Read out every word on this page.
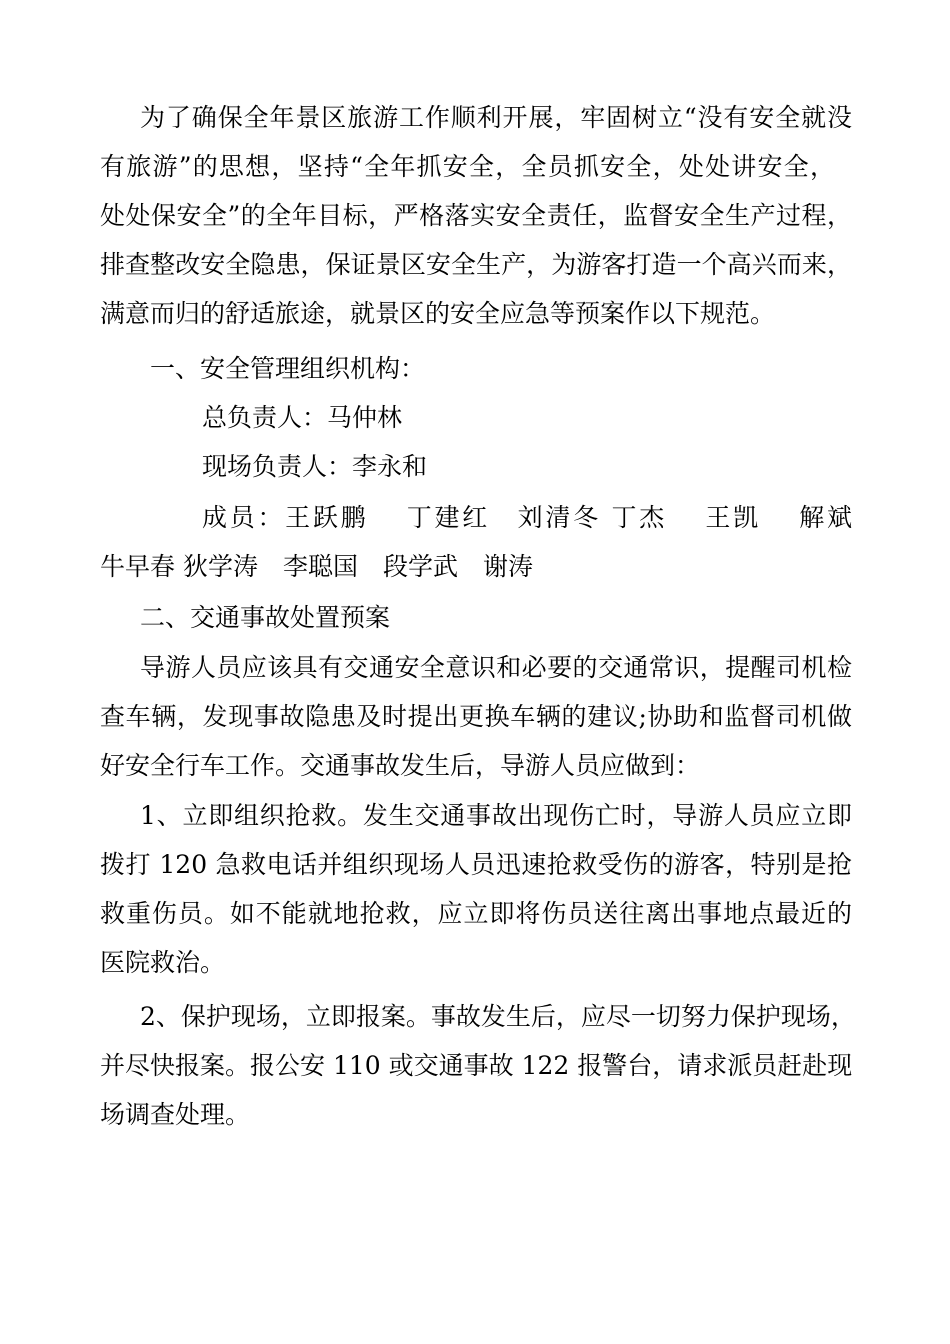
为了确保全年景区旅游工作顺利开展，牢固树立“没有安全就没
有旅游”的思想，坚持“全年抓安全，全员抓安全，处处讲安全，
处处保安全”的全年目标，严格落实安全责任，监督安全生产过程，
排查整改安全隐患，保证景区安全生产，为游客打造一个高兴而来，
满意而归的舒适旅途，就景区的安全应急等预案作以下规范。
一、安全管理组织机构：
总负责人：马仲林
现场负责人：李永和
成员：王跃鹏　 丁建红　刘清冬 丁杰　 王凯　 解斌
牛早春 狄学涛　李聪国　段学武　谢涛
二、交通事故处置预案
导游人员应该具有交通安全意识和必要的交通常识，提醒司机检
查车辆，发现事故隐患及时提出更换车辆的建议;协助和监督司机做
好安全行车工作。交通事故发生后，导游人员应做到：
1、立即组织抢救。发生交通事故出现伤亡时，导游人员应立即
拨打 120 急救电话并组织现场人员迅速抢救受伤的游客，特别是抢
救重伤员。如不能就地抢救，应立即将伤员送往离出事地点最近的
医院救治。
2、保护现场，立即报案。事故发生后，应尽一切努力保护现场，
并尽快报案。报公安 110 或交通事故 122 报警台，请求派员赶赴现
场调查处理。
